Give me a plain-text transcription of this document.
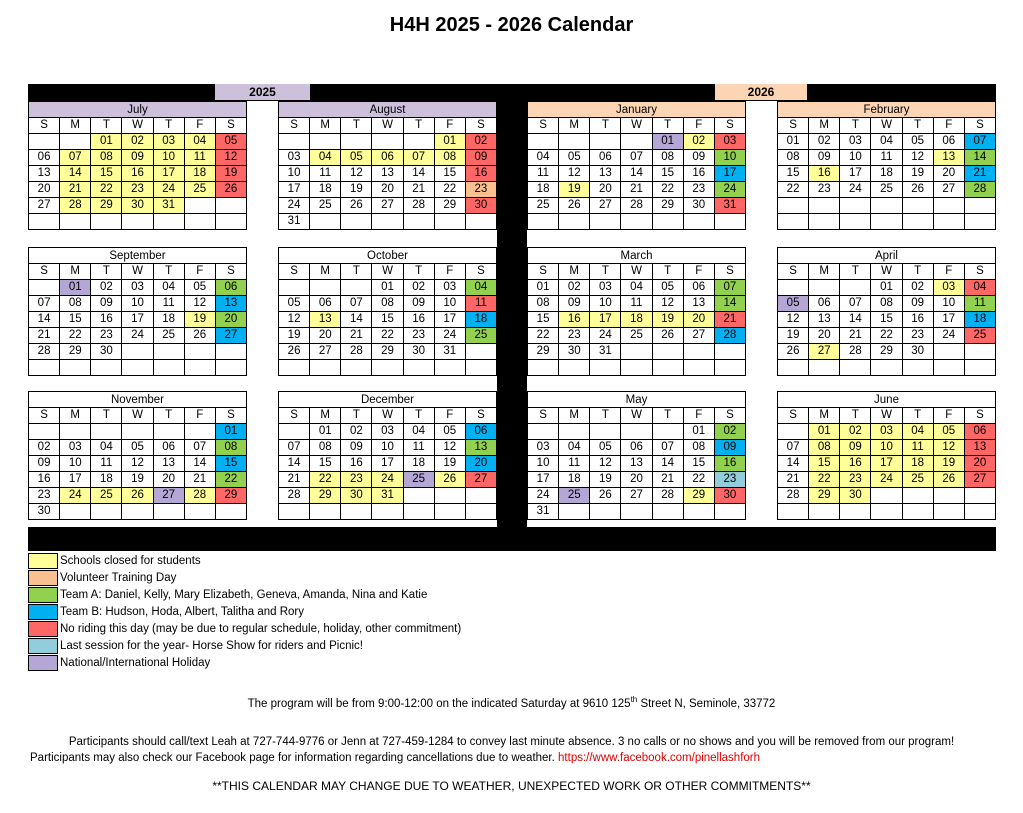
H4H 2025 - 2026 Calendar
2025	2026
July
S	M	T	W	T	F	S
		01	02	03	04	05
06	07	08	09	10	11	12
13	14	15	16	17	18	19
20	21	22	23	24	25	26
27	28	29	30	31		

August
S	M	T	W	T	F	S
					01	02
03	04	05	06	07	08	09
10	11	12	13	14	15	16
17	18	19	20	21	22	23
24	25	26	27	28	29	30
31						
January
S	M	T	W	T	F	S
				01	02	03
04	05	06	07	08	09	10
11	12	13	14	15	16	17
18	19	20	21	22	23	24
25	26	27	28	29	30	31

February
S	M	T	W	T	F	S
01	02	03	04	05	06	07
08	09	10	11	12	13	14
15	16	17	18	19	20	21
22	23	24	25	26	27	28

September
S	M	T	W	T	F	S
	01	02	03	04	05	06
07	08	09	10	11	12	13
14	15	16	17	18	19	20
21	22	23	24	25	26	27
28	29	30				

October
S	M	T	W	T	F	S
			01	02	03	04
05	06	07	08	09	10	11
12	13	14	15	16	17	18
19	20	21	22	23	24	25
26	27	28	29	30	31	

March
S	M	T	W	T	F	S
01	02	03	04	05	06	07
08	09	10	11	12	13	14
15	16	17	18	19	20	21
22	23	24	25	26	27	28
29	30	31				

April
S	M	T	W	T	F	S
			01	02	03	04
05	06	07	08	09	10	11
12	13	14	15	16	17	18
19	20	21	22	23	24	25
26	27	28	29	30		

November
S	M	T	W	T	F	S
						01
02	03	04	05	06	07	08
09	10	11	12	13	14	15
16	17	18	19	20	21	22
23	24	25	26	27	28	29
30						
December
S	M	T	W	T	F	S
	01	02	03	04	05	06
07	08	09	10	11	12	13
14	15	16	17	18	19	20
21	22	23	24	25	26	27
28	29	30	31			

May
S	M	T	W	T	F	S
					01	02
03	04	05	06	07	08	09
10	11	12	13	14	15	16
17	18	19	20	21	22	23
24	25	26	27	28	29	30
31						
June
S	M	T	W	T	F	S
	01	02	03	04	05	06
07	08	09	10	11	12	13
14	15	16	17	18	19	20
21	22	23	24	25	26	27
28	29	30				

Schools closed for students
Volunteer Training Day
Team A: Daniel, Kelly, Mary Elizabeth, Geneva, Amanda, Nina and Katie
Team B: Hudson, Hoda, Albert, Talitha and Rory
No riding this day (may be due to regular schedule, holiday, other commitment)
Last session for the year- Horse Show for riders and Picnic!
National/International Holiday
The program will be from 9:00-12:00 on the indicated Saturday at 9610 125th Street N, Seminole, 33772
Participants should call/text Leah at 727-744-9776 or Jenn at 727-459-1284 to convey last minute absence. 3 no calls or no shows and you will be removed from our program!
Participants may also check our Facebook page for information regarding cancellations due to weather. https://www.facebook.com/pinellashforh
**THIS CALENDAR MAY CHANGE DUE TO WEATHER, UNEXPECTED WORK OR OTHER COMMITMENTS**
